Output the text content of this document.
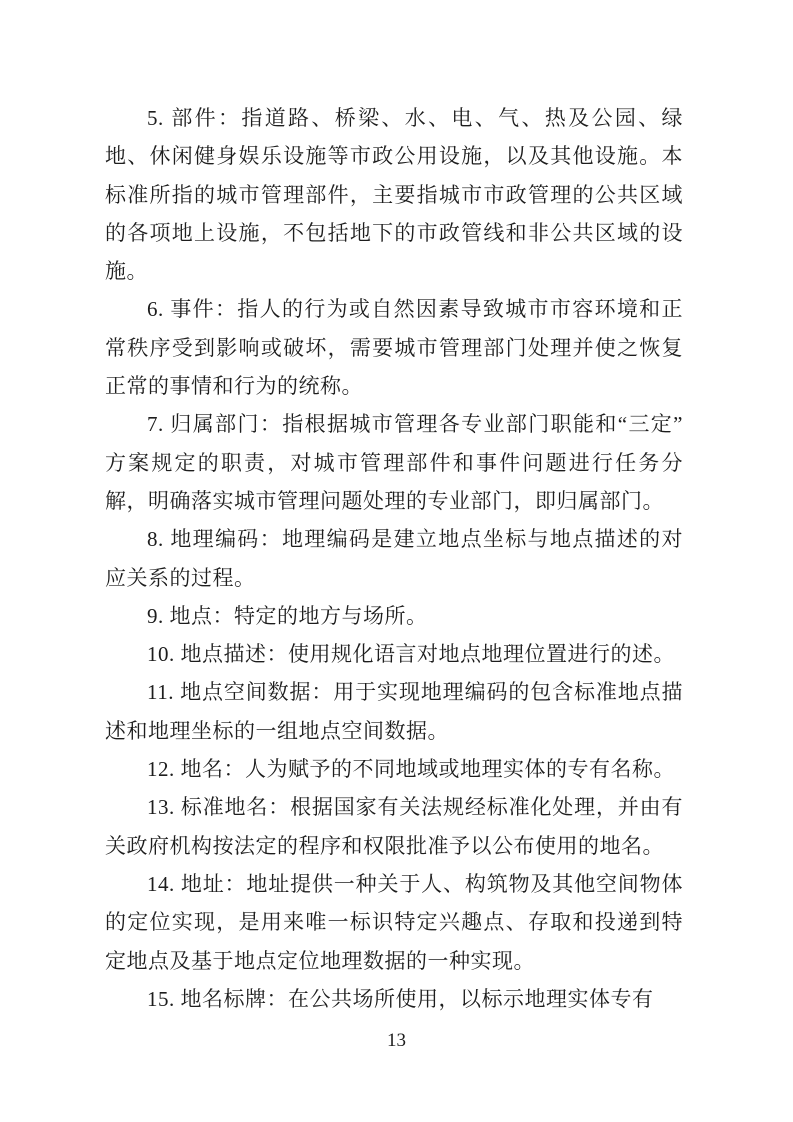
5. 部件：指道路、桥梁、水、电、气、热及公园、绿地、休闲健身娱乐设施等市政公用设施，以及其他设施。本标准所指的城市管理部件，主要指城市市政管理的公共区域的各项地上设施，不包括地下的市政管线和非公共区域的设施。

6. 事件：指人的行为或自然因素导致城市市容环境和正常秩序受到影响或破坏，需要城市管理部门处理并使之恢复正常的事情和行为的统称。

7. 归属部门：指根据城市管理各专业部门职能和“三定”方案规定的职责，对城市管理部件和事件问题进行任务分解，明确落实城市管理问题处理的专业部门，即归属部门。

8. 地理编码：地理编码是建立地点坐标与地点描述的对应关系的过程。

9. 地点：特定的地方与场所。

10. 地点描述：使用规化语言对地点地理位置进行的述。

11. 地点空间数据：用于实现地理编码的包含标准地点描述和地理坐标的一组地点空间数据。

12. 地名：人为赋予的不同地域或地理实体的专有名称。

13. 标准地名：根据国家有关法规经标准化处理，并由有关政府机构按法定的程序和权限批准予以公布使用的地名。

14. 地址：地址提供一种关于人、构筑物及其他空间物体的定位实现，是用来唯一标识特定兴趣点、存取和投递到特定地点及基于地点定位地理数据的一种实现。

15. 地名标牌：在公共场所使用，以标示地理实体专有

13
